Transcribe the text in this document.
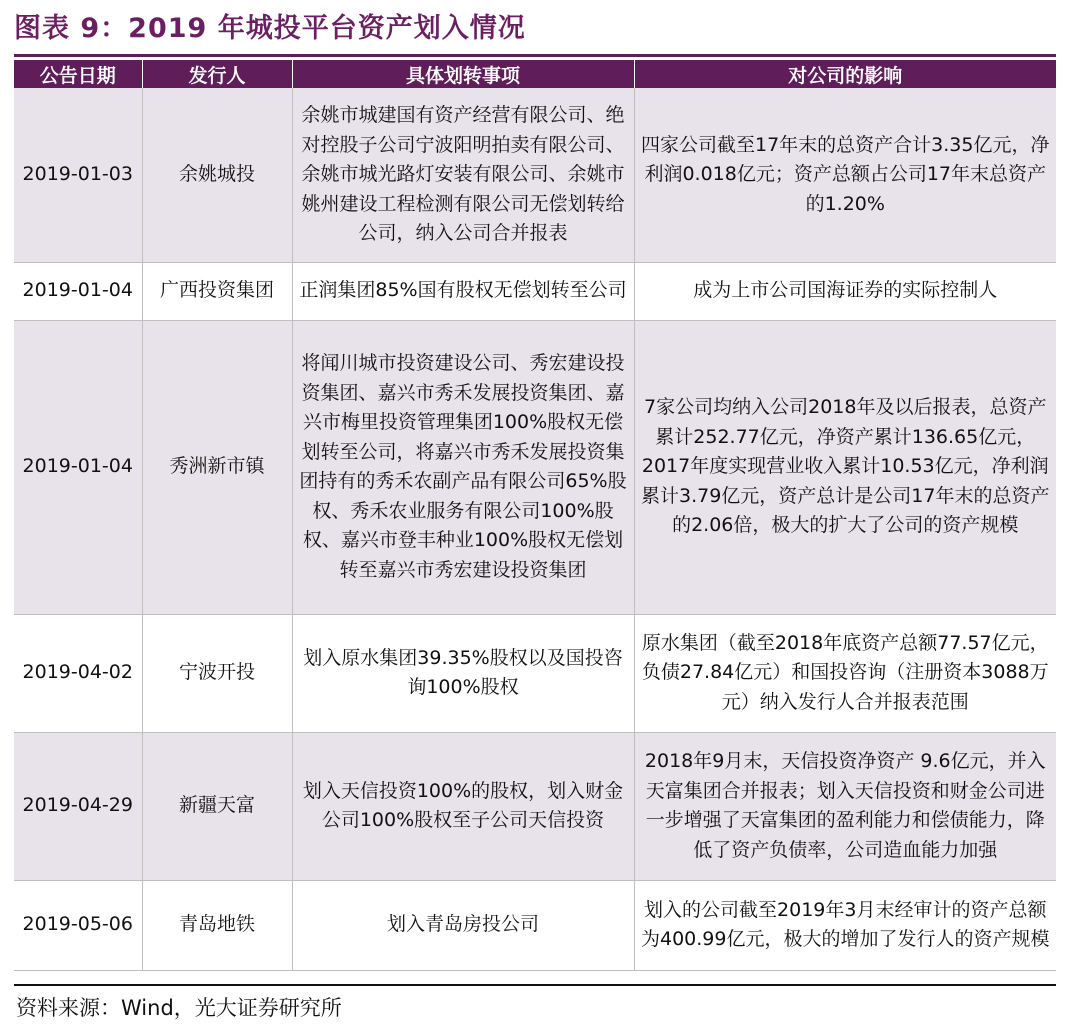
图表 9：2019 年城投平台资产划入情况
公告日期	发行人	具体划转事项	对公司的影响
2019-01-03	余姚城投	余姚市城建国有资产经营有限公司、绝对控股子公司宁波阳明拍卖有限公司、余姚市城光路灯安装有限公司、余姚市姚州建设工程检测有限公司无偿划转给公司，纳入公司合并报表	四家公司截至17年末的总资产合计3.35亿元，净利润0.018亿元；资产总额占公司17年末总资产的1.20%
2019-01-04	广西投资集团	正润集团85%国有股权无偿划转至公司	成为上市公司国海证券的实际控制人
2019-01-04	秀洲新市镇	将闻川城市投资建设公司、秀宏建设投资集团、嘉兴市秀禾发展投资集团、嘉兴市梅里投资管理集团100%股权无偿划转至公司，将嘉兴市秀禾发展投资集团持有的秀禾农副产品有限公司65%股权、秀禾农业服务有限公司100%股权、嘉兴市登丰种业100%股权无偿划转至嘉兴市秀宏建设投资集团	7家公司均纳入公司2018年及以后报表，总资产累计252.77亿元，净资产累计136.65亿元，2017年度实现营业收入累计10.53亿元，净利润累计3.79亿元，资产总计是公司17年末的总资产的2.06倍，极大的扩大了公司的资产规模
2019-04-02	宁波开投	划入原水集团39.35%股权以及国投咨询100%股权	原水集团（截至2018年底资产总额77.57亿元，负债27.84亿元）和国投咨询（注册资本3088万元）纳入发行人合并报表范围
2019-04-29	新疆天富	划入天信投资100%的股权，划入财金公司100%股权至子公司天信投资	2018年9月末，天信投资净资产 9.6亿元，并入天富集团合并报表；划入天信投资和财金公司进一步增强了天富集团的盈利能力和偿债能力，降低了资产负债率，公司造血能力加强
2019-05-06	青岛地铁	划入青岛房投公司	划入的公司截至2019年3月末经审计的资产总额为400.99亿元，极大的增加了发行人的资产规模
资料来源：Wind，光大证券研究所
